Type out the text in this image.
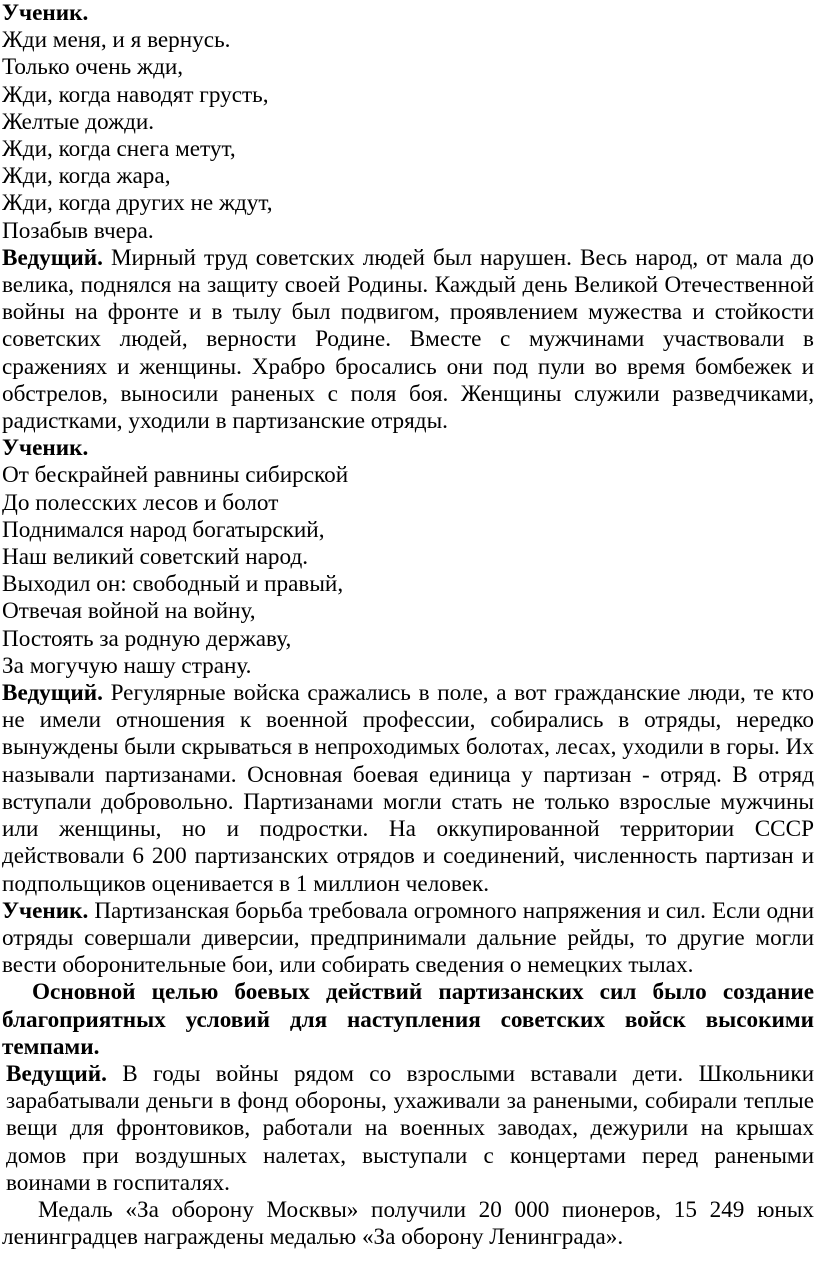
Ученик.
Жди меня, и я вернусь.
Только очень жди,
Жди, когда наводят грусть,
Желтые дожди.
Жди, когда снега метут,
Жди, когда жара,
Жди, когда других не ждут,
Позабыв вчера.

Ведущий. Мирный труд советских людей был нарушен. Весь народ, от мала до велика, поднялся на защиту своей Родины. Каждый день Великой Отечественной войны на фронте и в тылу был подвигом, проявлением мужества и стойкости советских людей, верности Родине. Вместе с мужчинами участвовали в сражениях и женщины. Храбро бросались они под пули во время бомбежек и обстрелов, выносили раненых с поля боя. Женщины служили разведчиками, радистками, уходили в партизанские отряды.

Ученик.
От бескрайней равнины сибирской
До полесских лесов и болот
Поднимался народ богатырский,
Наш великий советский народ.
Выходил он: свободный и правый,
Отвечая войной на войну,
Постоять за родную державу,
За могучую нашу страну.

Ведущий. Регулярные войска сражались в поле, а вот гражданские люди, те кто не имели отношения к военной профессии, собирались в отряды, нередко вынуждены были скрываться в непроходимых болотах, лесах, уходили в горы. Их называли партизанами. Основная боевая единица у партизан - отряд. В отряд вступали добровольно. Партизанами могли стать не только взрослые мужчины или женщины, но и подростки. На оккупированной территории СССР действовали 6 200 партизанских отрядов и соединений, численность партизан и подпольщиков оценивается в 1 миллион человек.

Ученик. Партизанская борьба требовала огромного напряжения и сил. Если одни отряды совершали диверсии, предпринимали дальние рейды, то другие могли вести оборонительные бои, или собирать сведения о немецких тылах.

Основной целью боевых действий партизанских сил было создание благоприятных условий для наступления советских войск высокими темпами.

Ведущий. В годы войны рядом со взрослыми вставали дети. Школьники зарабатывали деньги в фонд обороны, ухаживали за ранеными, собирали теплые вещи для фронтовиков, работали на военных заводах, дежурили на крышах домов при воздушных налетах, выступали с концертами перед ранеными воинами в госпиталях.

Медаль «За оборону Москвы» получили 20 000 пионеров, 15 249 юных ленинградцев награждены медалью «За оборону Ленинграда».
